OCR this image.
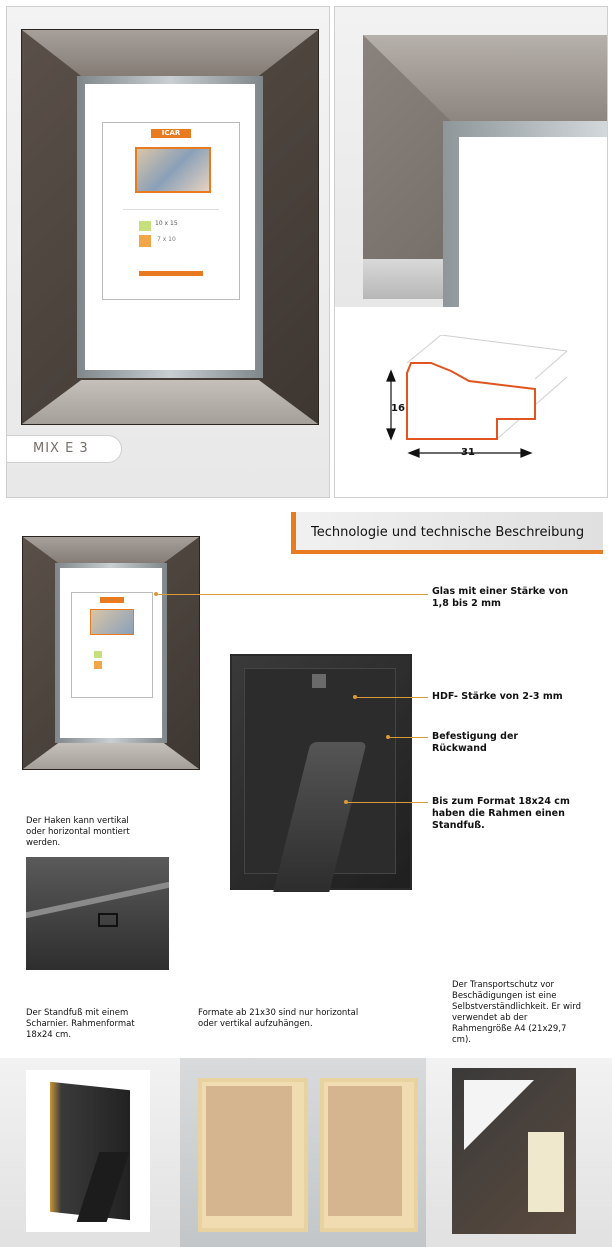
ICAR
10 x 15
7 x 10
MIX E 3
16
31
Technologie und technische Beschreibung
Glas mit einer Stärke von 1,8 bis 2 mm
HDF- Stärke von 2-3 mm
Befestigung der Rückwand
Bis zum Format 18x24 cm haben die Rahmen einen Standfuß.
Der Haken kann vertikal oder horizontal montiert werden.
Der Standfuß mit einem Scharnier. Rahmenformat 18x24 cm.
Formate ab 21x30 sind nur horizontal oder vertikal aufzuhängen.
Der Transportschutz vor Beschädigungen ist eine Selbstverständlichkeit. Er wird verwendet ab der Rahmengröße A4 (21x29,7 cm).
